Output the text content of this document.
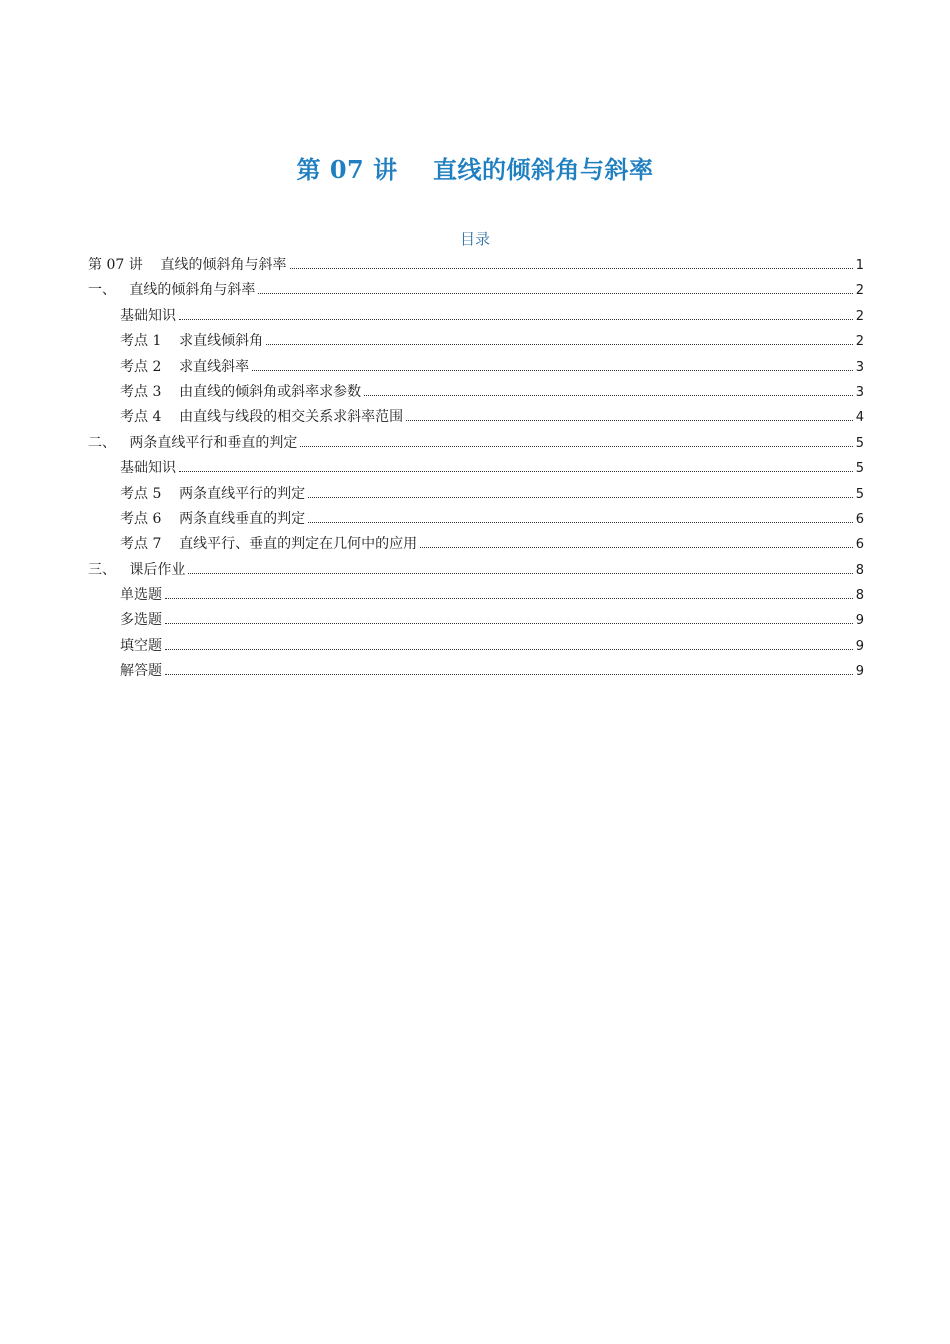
第 07 讲    直线的倾斜角与斜率
目录
第 07 讲    直线的倾斜角与斜率	1
一、   直线的倾斜角与斜率	2
基础知识	2
考点 1    求直线倾斜角	2
考点 2    求直线斜率	3
考点 3    由直线的倾斜角或斜率求参数	3
考点 4    由直线与线段的相交关系求斜率范围	4
二、   两条直线平行和垂直的判定	5
基础知识	5
考点 5    两条直线平行的判定	5
考点 6    两条直线垂直的判定	6
考点 7    直线平行、垂直的判定在几何中的应用	6
三、   课后作业	8
单选题	8
多选题	9
填空题	9
解答题	9
